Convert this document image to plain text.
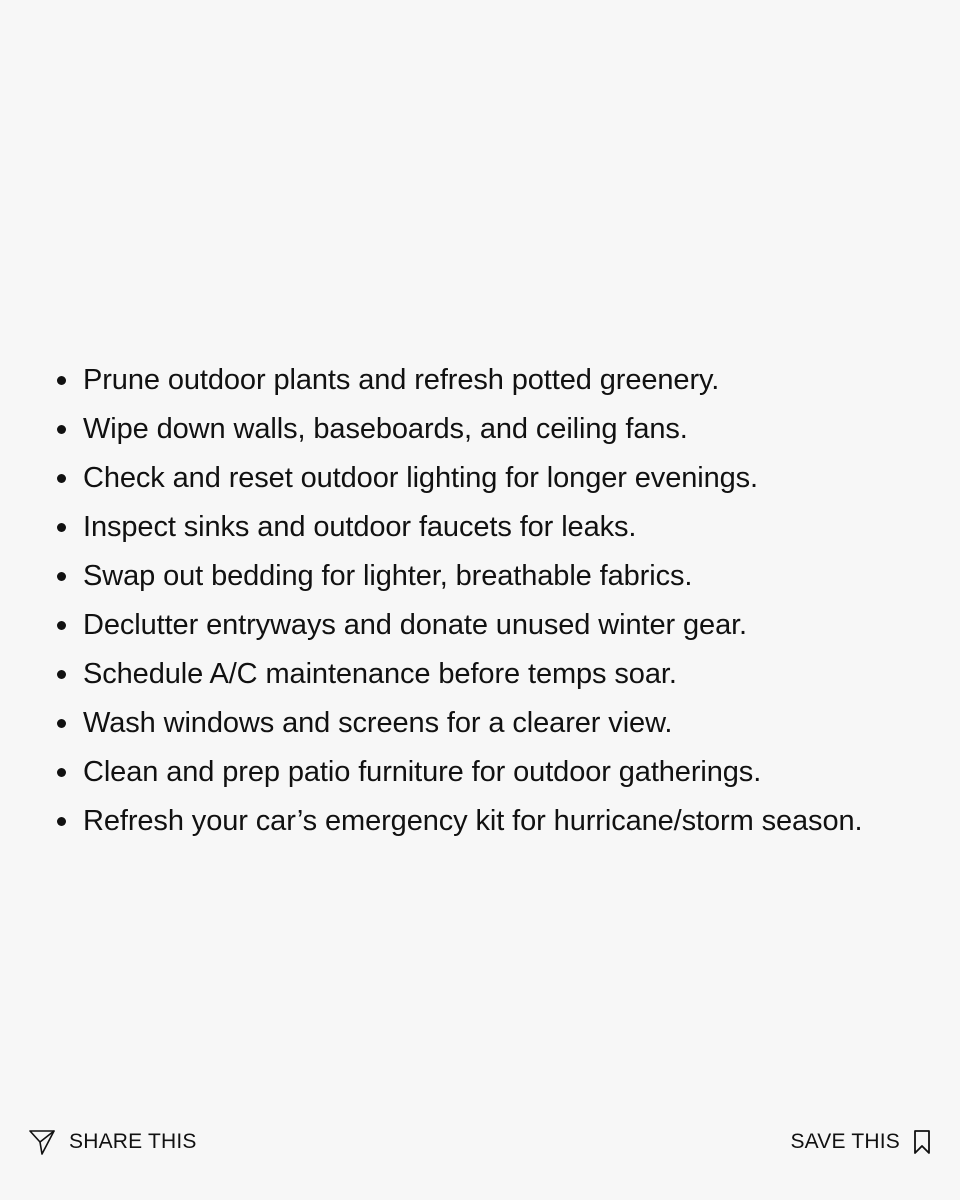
Prune outdoor plants and refresh potted greenery.
Wipe down walls, baseboards, and ceiling fans.
Check and reset outdoor lighting for longer evenings.
Inspect sinks and outdoor faucets for leaks.
Swap out bedding for lighter, breathable fabrics.
Declutter entryways and donate unused winter gear.
Schedule A/C maintenance before temps soar.
Wash windows and screens for a clearer view.
Clean and prep patio furniture for outdoor gatherings.
Refresh your car’s emergency kit for hurricane/storm season.
SHARE THIS	SAVE THIS
